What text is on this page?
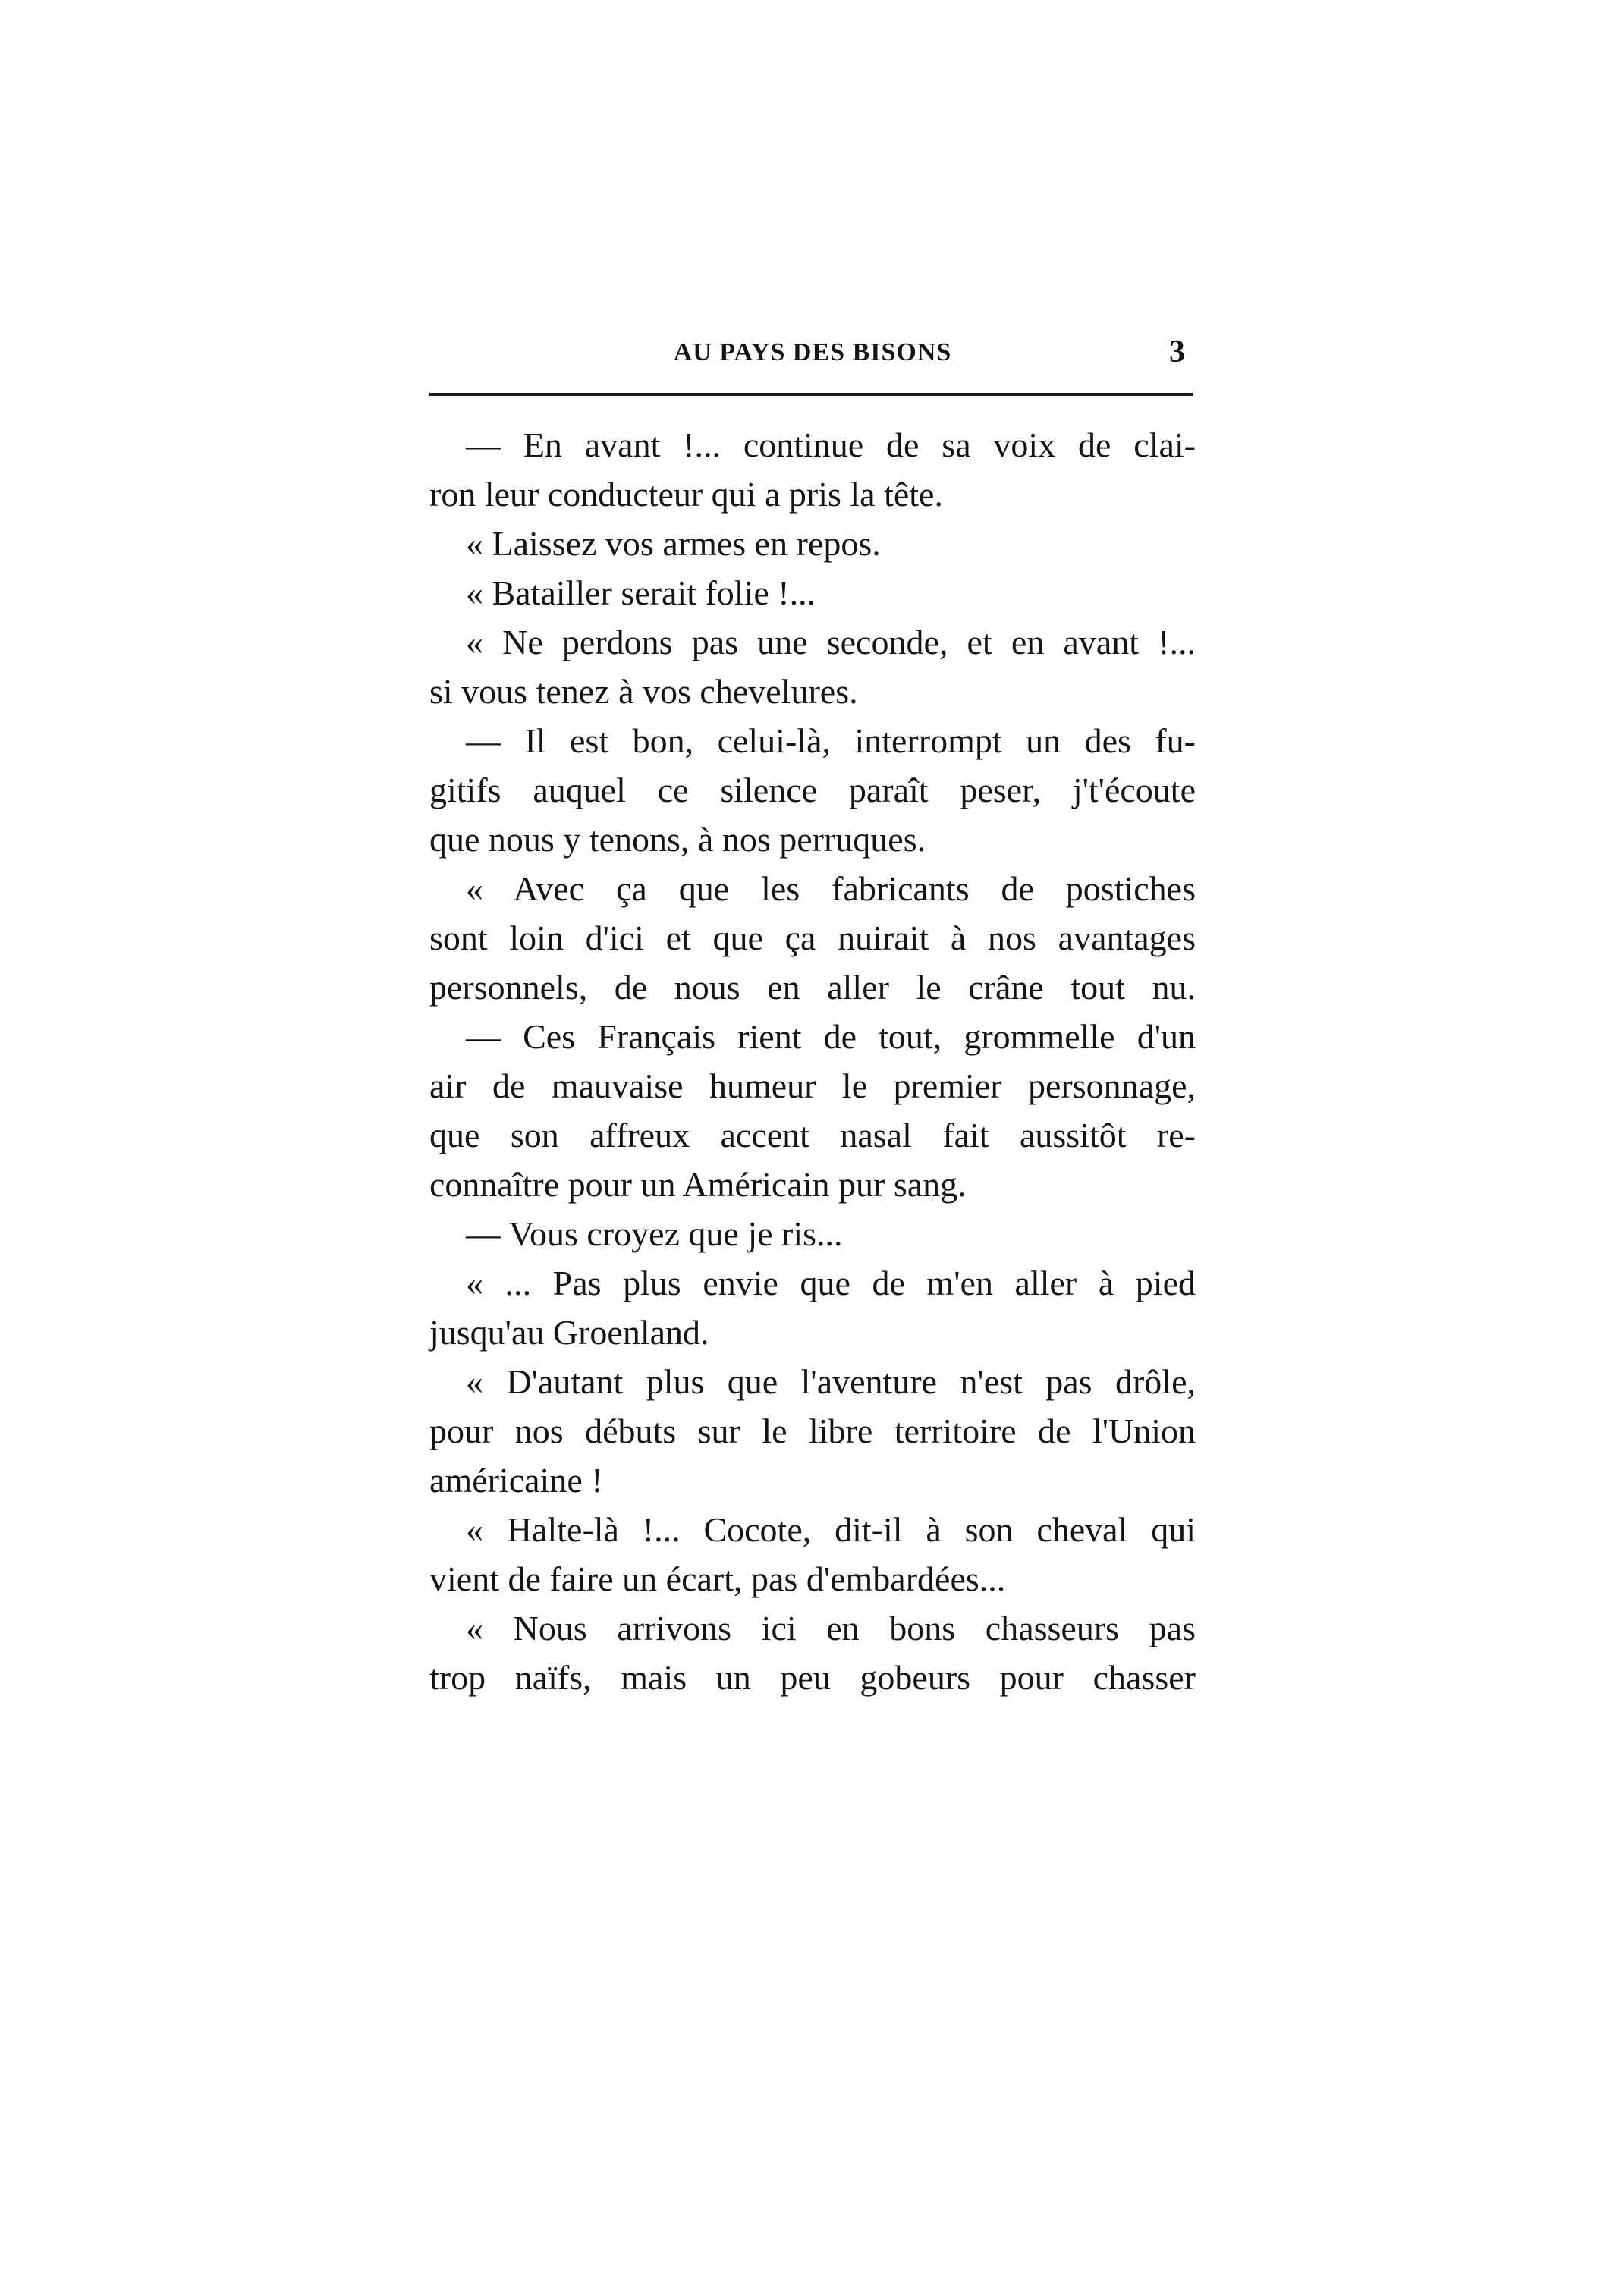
AU PAYS DES BISONS	3
— En avant !... continue de sa voix de clai-
ron leur conducteur qui a pris la tête.
« Laissez vos armes en repos.
« Batailler serait folie !...
« Ne perdons pas une seconde, et en avant !...
si vous tenez à vos chevelures.
— Il est bon, celui-là, interrompt un des fu-
gitifs auquel ce silence paraît peser, j't'écoute
que nous y tenons, à nos perruques.
« Avec ça que les fabricants de postiches
sont loin d'ici et que ça nuirait à nos avantages
personnels, de nous en aller le crâne tout nu.
— Ces Français rient de tout, grommelle d'un
air de mauvaise humeur le premier personnage,
que son affreux accent nasal fait aussitôt re-
connaître pour un Américain pur sang.
— Vous croyez que je ris...
« ... Pas plus envie que de m'en aller à pied
jusqu'au Groenland.
« D'autant plus que l'aventure n'est pas drôle,
pour nos débuts sur le libre territoire de l'Union
américaine !
« Halte-là !... Cocote, dit-il à son cheval qui
vient de faire un écart, pas d'embardées...
« Nous arrivons ici en bons chasseurs pas
trop naïfs, mais un peu gobeurs pour chasser
